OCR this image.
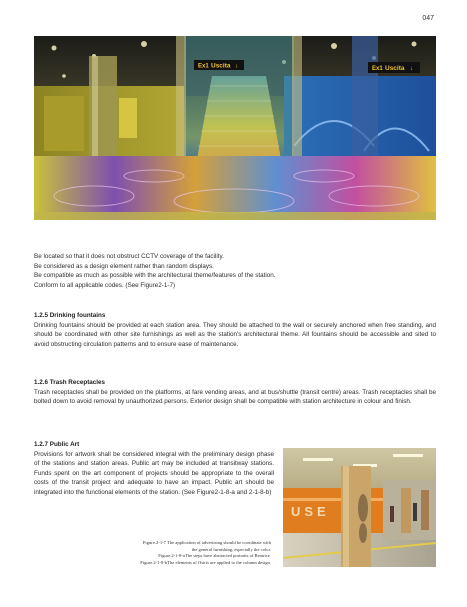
047
Ex1 Uscita ↓	Ex1 Uscita ↓

Be located so that it does not obstruct CCTV coverage of the facility.

Be considered as a design element rather than random displays.

Be compatible as much as possible with the architectural theme/features of the station.

Conform to all applicable codes. (See Figure2-1-7)

1.2.5 Drinking fountains

Drinking fountains should be provided at each station area. They should be attached to the wall or securely anchored when free standing, and should be coordinated with other site furnishings as well as the station's architectural theme. All fountains should be accessible and sited to avoid obstructing circulation patterns and to ensure ease of maintenance.

1.2.6 Trash Receptacles

Trash receptacles shall be provided on the platforms, at fare vending areas, and at bus/shuttle (transit centre) areas. Trash receptacles shall be bolted down to avoid removal by unauthorized persons. Exterior design shall be compatible with station architecture in colour and finish.

1.2.7 Public Art

Provisions for artwork shall be considered integral with the preliminary design phase of the stations and station areas. Public art may be included at transitway stations. Funds spent on the art component of projects should be appropriate to the overall costs of the transit project and adequate to have an impact. Public art should be integrated into the functional elements of the station. (See Figure2-1-8-a and 2-1-8-b)

USE

Figure.2-1-7 The application of advertising should be coordinate with

the general furnishing, especially the color.

Figure.2-1-8-aThe steps have abstracted portraits of Beatrice.

Figure.2-1-8-bThe elements of Osiris are applied to the column design.
